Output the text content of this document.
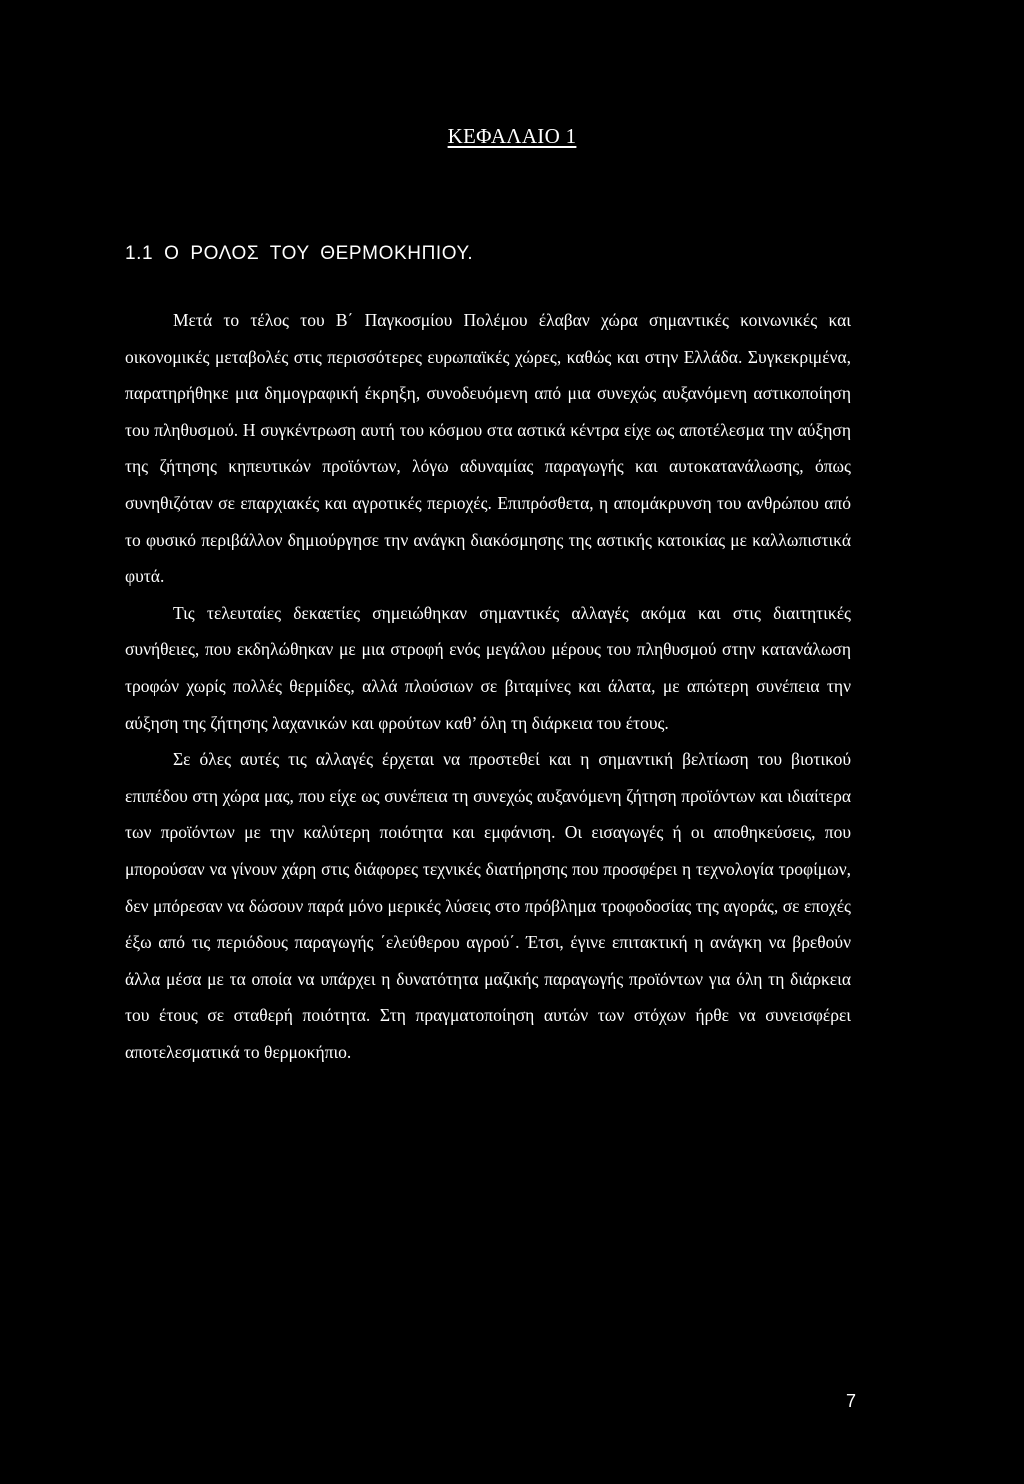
ΚΕΦΑΛΑΙΟ 1
1.1 Ο ΡΟΛΟΣ ΤΟΥ ΘΕΡΜΟΚΗΠΙΟΥ.

Μετά το τέλος του Β΄ Παγκοσμίου Πολέμου έλαβαν χώρα σημαντικές κοινωνικές και οικονομικές μεταβολές στις περισσότερες ευρωπαϊκές χώρες, καθώς και στην Ελλάδα. Συγκεκριμένα, παρατηρήθηκε μια δημογραφική έκρηξη, συνοδευόμενη από μια συνεχώς αυξανόμενη αστικοποίηση του πληθυσμού. Η συγκέντρωση αυτή του κόσμου στα αστικά κέντρα είχε ως αποτέλεσμα την αύξηση της ζήτησης κηπευτικών προϊόντων, λόγω αδυναμίας παραγωγής και αυτοκατανάλωσης, όπως συνηθιζόταν σε επαρχιακές και αγροτικές περιοχές. Επιπρόσθετα, η απομάκρυνση του ανθρώπου από το φυσικό περιβάλλον δημιούργησε την ανάγκη διακόσμησης της αστικής κατοικίας με καλλωπιστικά φυτά.

Τις τελευταίες δεκαετίες σημειώθηκαν σημαντικές αλλαγές ακόμα και στις διαιτητικές συνήθειες, που εκδηλώθηκαν με μια στροφή ενός μεγάλου μέρους του πληθυσμού στην κατανάλωση τροφών χωρίς πολλές θερμίδες, αλλά πλούσιων σε βιταμίνες και άλατα, με απώτερη συνέπεια την αύξηση της ζήτησης λαχανικών και φρούτων καθ’ όλη τη διάρκεια του έτους.

Σε όλες αυτές τις αλλαγές έρχεται να προστεθεί και η σημαντική βελτίωση του βιοτικού επιπέδου στη χώρα μας, που είχε ως συνέπεια τη συνεχώς αυξανόμενη ζήτηση προϊόντων και ιδιαίτερα των προϊόντων με την καλύτερη ποιότητα και εμφάνιση. Οι εισαγωγές ή οι αποθηκεύσεις, που μπορούσαν να γίνουν χάρη στις διάφορες τεχνικές διατήρησης που προσφέρει η τεχνολογία τροφίμων, δεν μπόρεσαν να δώσουν παρά μόνο μερικές λύσεις στο πρόβλημα τροφοδοσίας της αγοράς, σε εποχές έξω από τις περιόδους παραγωγής ΄ελεύθερου αγρού΄. Έτσι, έγινε επιτακτική η ανάγκη να βρεθούν άλλα μέσα με τα οποία να υπάρχει η δυνατότητα μαζικής παραγωγής προϊόντων για όλη τη διάρκεια του έτους σε σταθερή ποιότητα. Στη πραγματοποίηση αυτών των στόχων ήρθε να συνεισφέρει αποτελεσματικά το θερμοκήπιο.

7
